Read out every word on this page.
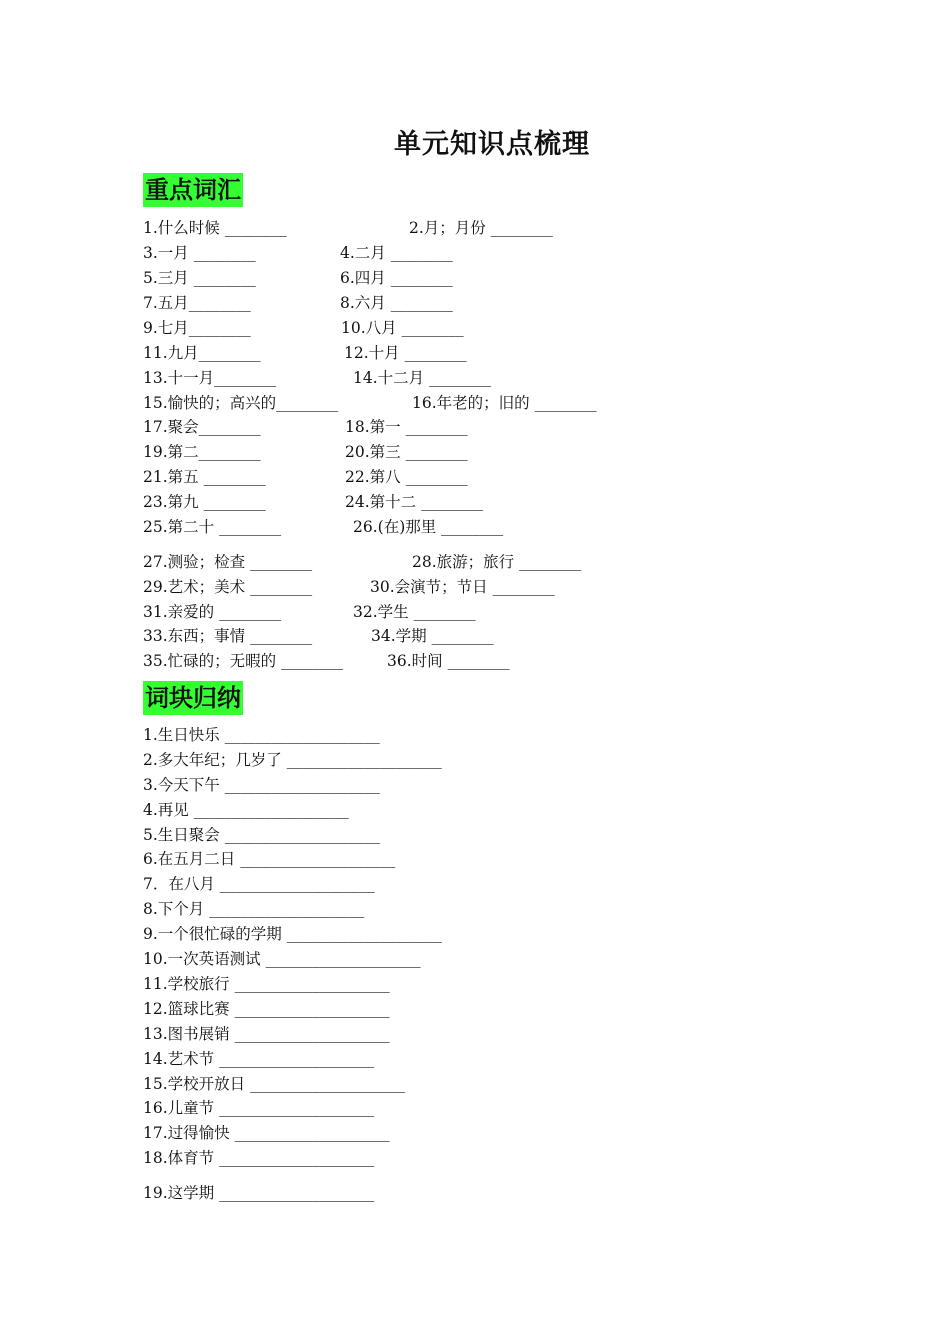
单元知识点梳理
重点词汇
1.什么时候 ________	2.月；月份 ________
3.一月 ________	4.二月 ________
5.三月 ________	6.四月 ________
7.五月________	8.六月 ________
9.七月________	10.八月 ________
11.九月________	12.十月 ________
13.十一月________	14.十二月 ________
15.愉快的；高兴的________	16.年老的；旧的 ________
17.聚会________	18.第一 ________
19.第二________	20.第三 ________
21.第五 ________	22.第八 ________
23.第九 ________	24.第十二 ________
25.第二十 ________	26.(在)那里 ________
27.测验；检查 ________	28.旅游；旅行 ________
29.艺术；美术 ________	30.会演节；节日 ________
31.亲爱的 ________	32.学生 ________
33.东西；事情 ________	34.学期 ________
35.忙碌的；无暇的 ________	36.时间 ________
词块归纳
1.生日快乐 ____________________
2.多大年纪；几岁了 ____________________
3.今天下午 ____________________
4.再见 ____________________
5.生日聚会 ____________________
6.在五月二日 ____________________
7．在八月 ____________________
8.下个月 ____________________
9.一个很忙碌的学期 ____________________
10.一次英语测试 ____________________
11.学校旅行 ____________________
12.篮球比赛 ____________________
13.图书展销 ____________________
14.艺术节 ____________________
15.学校开放日 ____________________
16.儿童节 ____________________
17.过得愉快 ____________________
18.体育节 ____________________
19.这学期 ____________________
